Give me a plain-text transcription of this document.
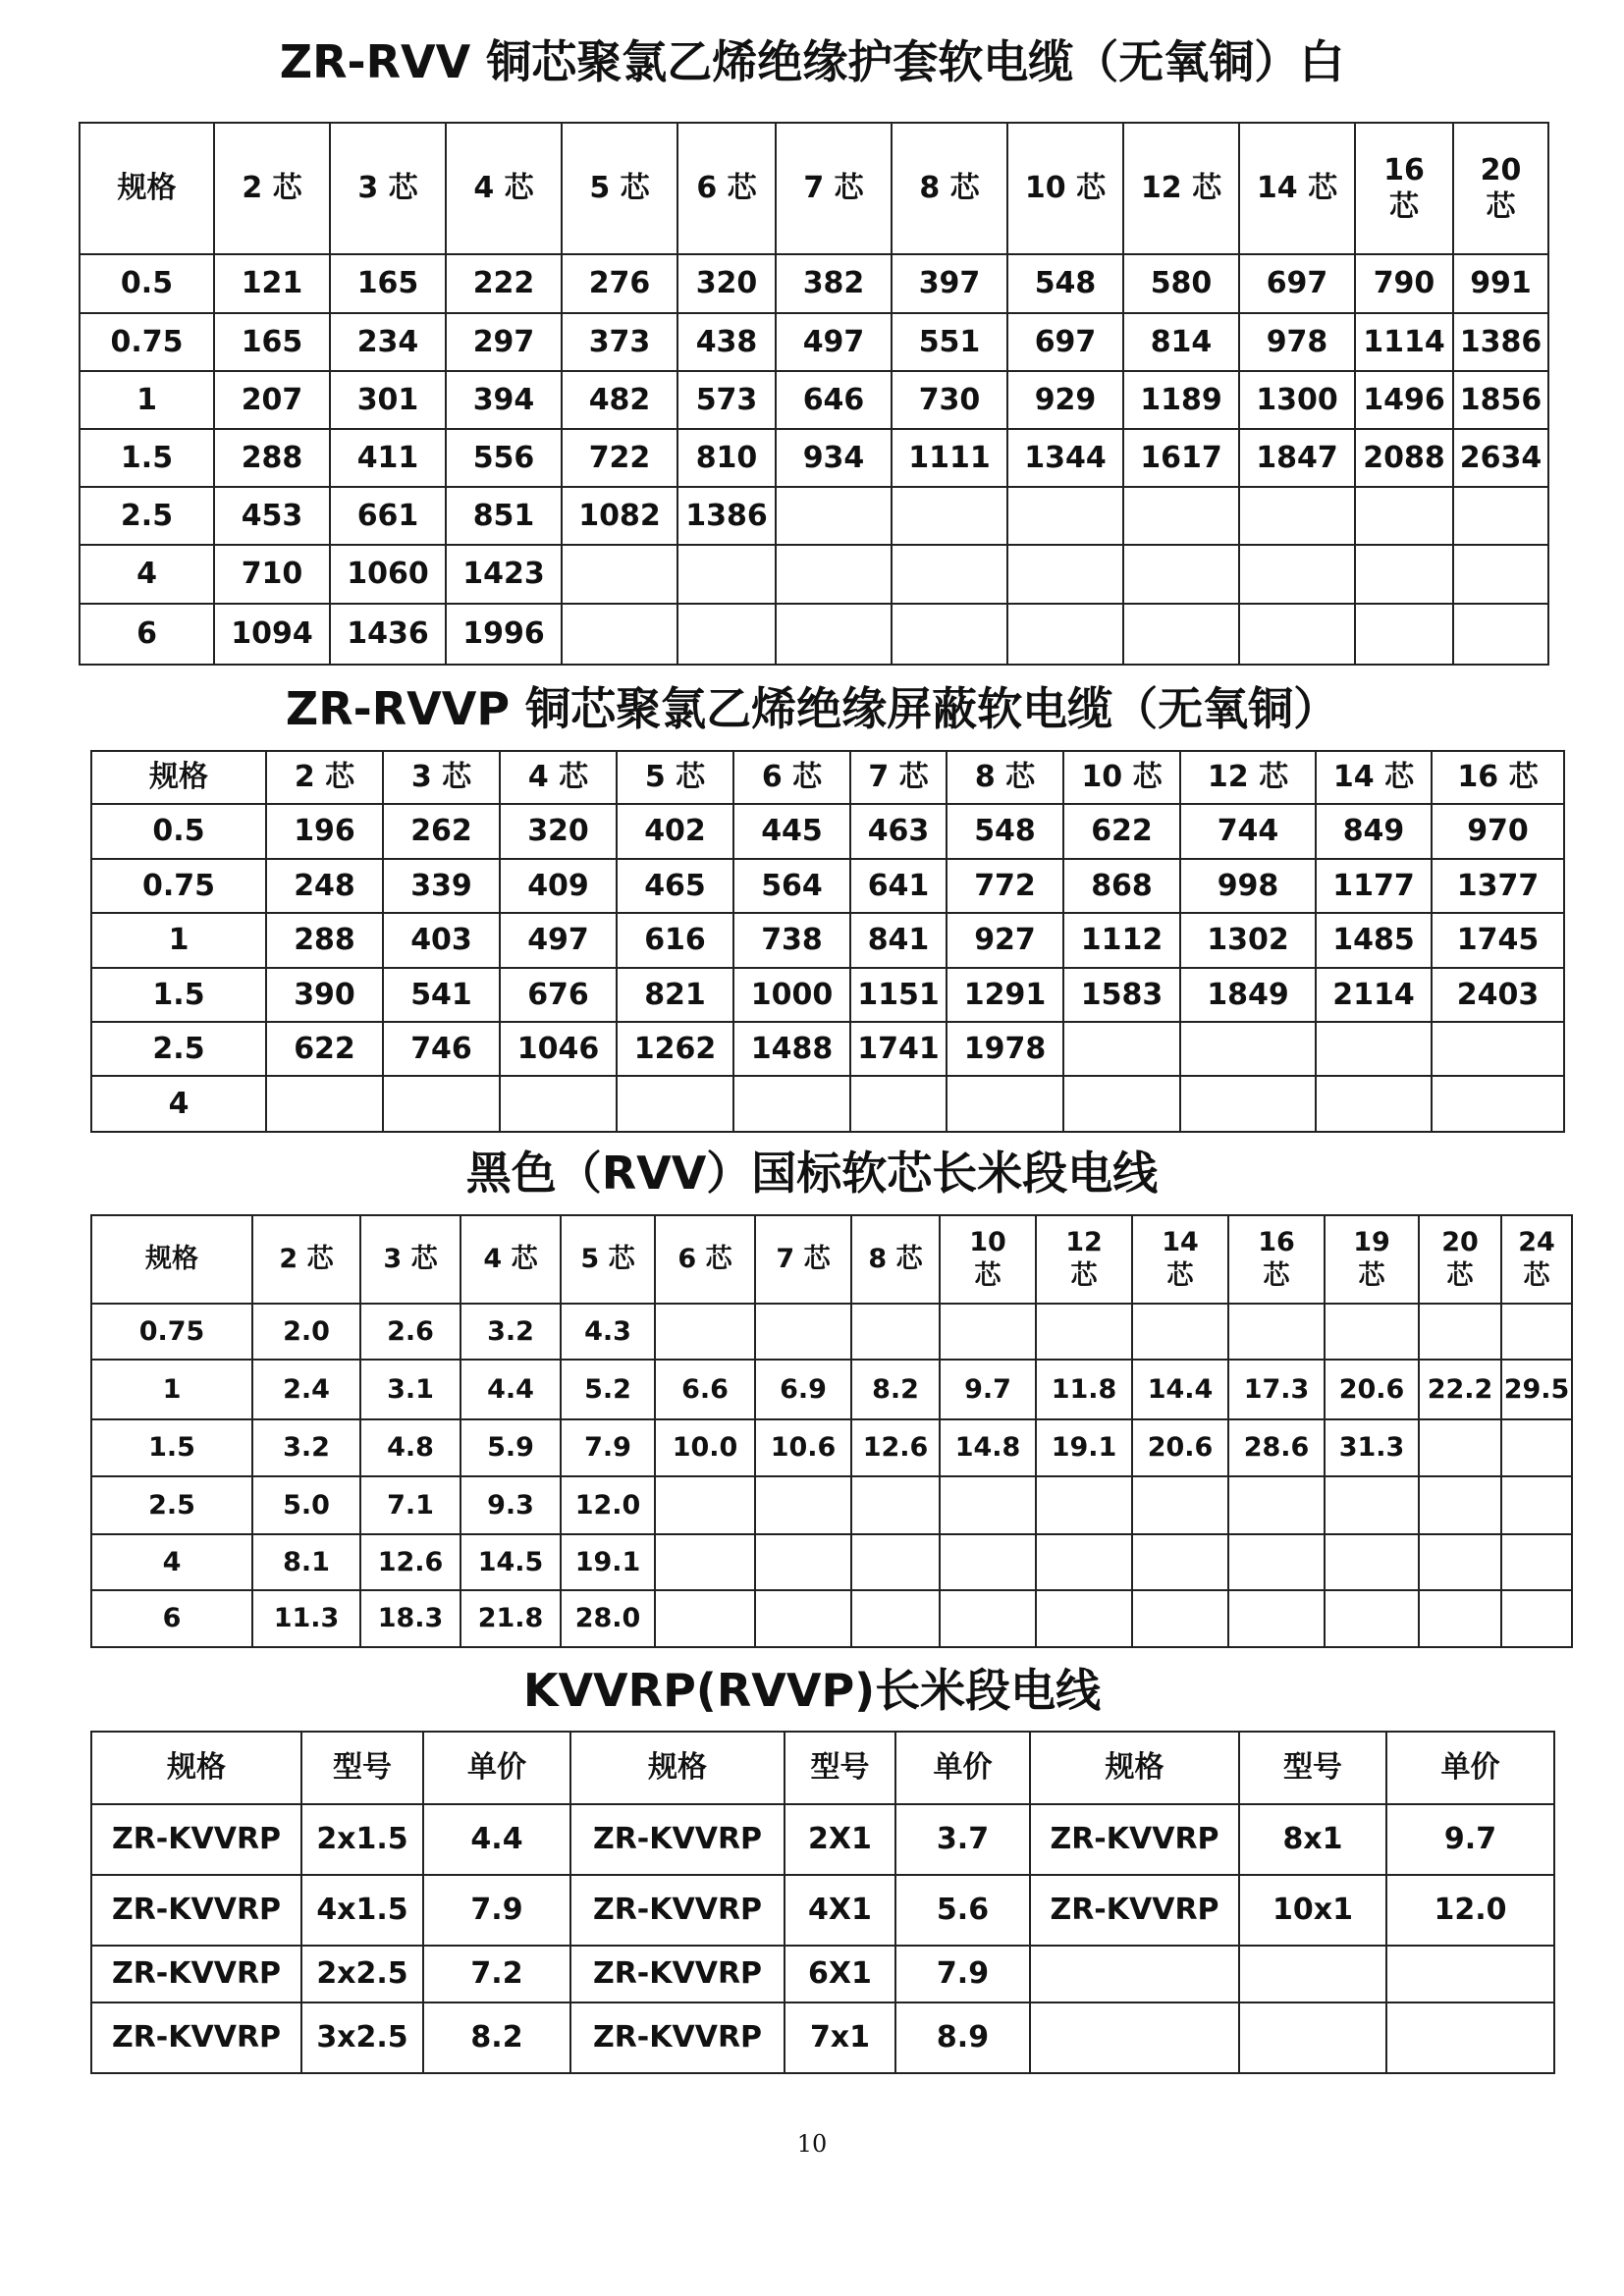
ZR-RVV 铜芯聚氯乙烯绝缘护套软电缆（无氧铜）白
规格	2 芯	3 芯	4 芯	5 芯	6 芯	7 芯	8 芯	10 芯	12 芯	14 芯	16 芯	20 芯
0.5	121	165	222	276	320	382	397	548	580	697	790	991
0.75	165	234	297	373	438	497	551	697	814	978	1114	1386
1	207	301	394	482	573	646	730	929	1189	1300	1496	1856
1.5	288	411	556	722	810	934	1111	1344	1617	1847	2088	2634
2.5	453	661	851	1082	1386							
4	710	1060	1423									
6	1094	1436	1996									
ZR-RVVP 铜芯聚氯乙烯绝缘屏蔽软电缆（无氧铜）
规格	2 芯	3 芯	4 芯	5 芯	6 芯	7 芯	8 芯	10 芯	12 芯	14 芯	16 芯
0.5	196	262	320	402	445	463	548	622	744	849	970
0.75	248	339	409	465	564	641	772	868	998	1177	1377
1	288	403	497	616	738	841	927	1112	1302	1485	1745
1.5	390	541	676	821	1000	1151	1291	1583	1849	2114	2403
2.5	622	746	1046	1262	1488	1741	1978				
4											
黑色（RVV）国标软芯长米段电线
规格	2 芯	3 芯	4 芯	5 芯	6 芯	7 芯	8 芯	10 芯	12 芯	14 芯	16 芯	19 芯	20 芯	24 芯
0.75	2.0	2.6	3.2	4.3										
1	2.4	3.1	4.4	5.2	6.6	6.9	8.2	9.7	11.8	14.4	17.3	20.6	22.2	29.5
1.5	3.2	4.8	5.9	7.9	10.0	10.6	12.6	14.8	19.1	20.6	28.6	31.3		
2.5	5.0	7.1	9.3	12.0										
4	8.1	12.6	14.5	19.1										
6	11.3	18.3	21.8	28.0										
KVVRP(RVVP)长米段电线
规格	型号	单价	规格	型号	单价	规格	型号	单价
ZR-KVVRP	2x1.5	4.4	ZR-KVVRP	2X1	3.7	ZR-KVVRP	8x1	9.7
ZR-KVVRP	4x1.5	7.9	ZR-KVVRP	4X1	5.6	ZR-KVVRP	10x1	12.0
ZR-KVVRP	2x2.5	7.2	ZR-KVVRP	6X1	7.9			
ZR-KVVRP	3x2.5	8.2	ZR-KVVRP	7x1	8.9			
10
